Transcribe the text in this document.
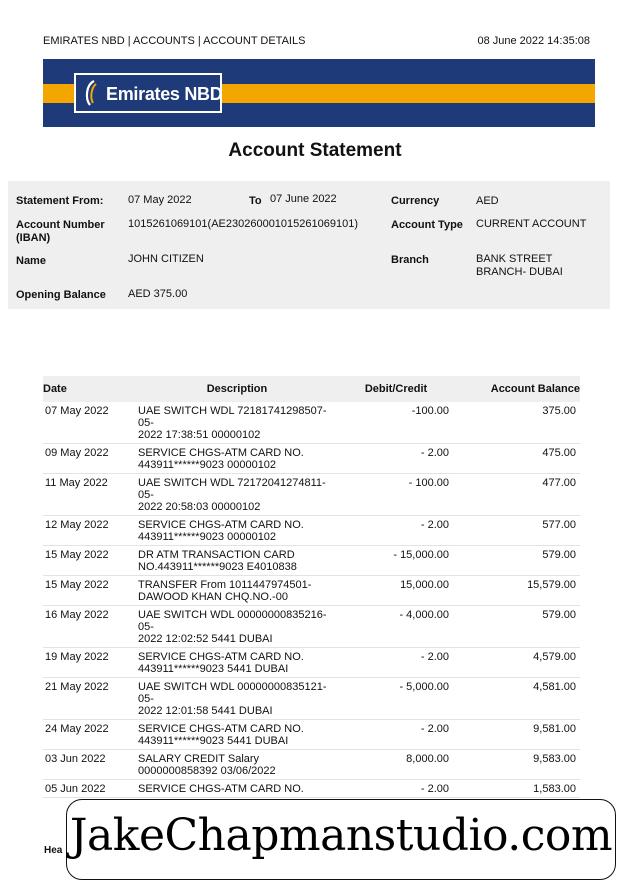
EMIRATES NBD | ACCOUNTS | ACCOUNT DETAILS	08 June 2022 14:35:08
Emirates NBD
Account Statement
Statement From: 07 May 2022	To 07 June 2022	Currency	AED
Account Number
(IBAN)
1015261069101(AE230260001015261069101)	Account Type CURRENT ACCOUNT
Name	JOHN CITIZEN	Branch	BANK STREET
BRANCH- DUBAI
Opening Balance AED 375.00
Date	Description	Debit/Credit	Account Balance
07 May 2022	UAE SWITCH WDL 72181741298507-05-
2022 17:38:51 00000102	-100.00	375.00
09 May 2022	SERVICE CHGS-ATM CARD NO.
443911******9023 00000102	- 2.00	475.00
11 May 2022	UAE SWITCH WDL 72172041274811-05-
2022 20:58:03 00000102	- 100.00	477.00
12 May 2022	SERVICE CHGS-ATM CARD NO.
443911******9023 00000102	- 2.00	577.00
15 May 2022	DR ATM TRANSACTION CARD
NO.443911******9023 E4010838	- 15,000.00	579.00
15 May 2022	TRANSFER From 1011447974501-
DAWOOD KHAN CHQ.NO.-00	15,000.00	15,579.00
16 May 2022	UAE SWITCH WDL 00000000835216-05-
2022 12:02:52 5441 DUBAI	- 4,000.00	579.00
19 May 2022	SERVICE CHGS-ATM CARD NO.
443911******9023 5441 DUBAI	- 2.00	4,579.00
21 May 2022	UAE SWITCH WDL 00000000835121-05-
2022 12:01:58 5441 DUBAI	- 5,000.00	4,581.00
24 May 2022	SERVICE CHGS-ATM CARD NO.
443911******9023 5441 DUBAI	- 2.00	9,581.00
03 Jun 2022	SALARY CREDIT Salary
0000000858392 03/06/2022	8,000.00	9,583.00
05 Jun 2022	SERVICE CHGS-ATM CARD NO.	- 2.00	1,583.00
Hea JakeChapmanstudio.com
